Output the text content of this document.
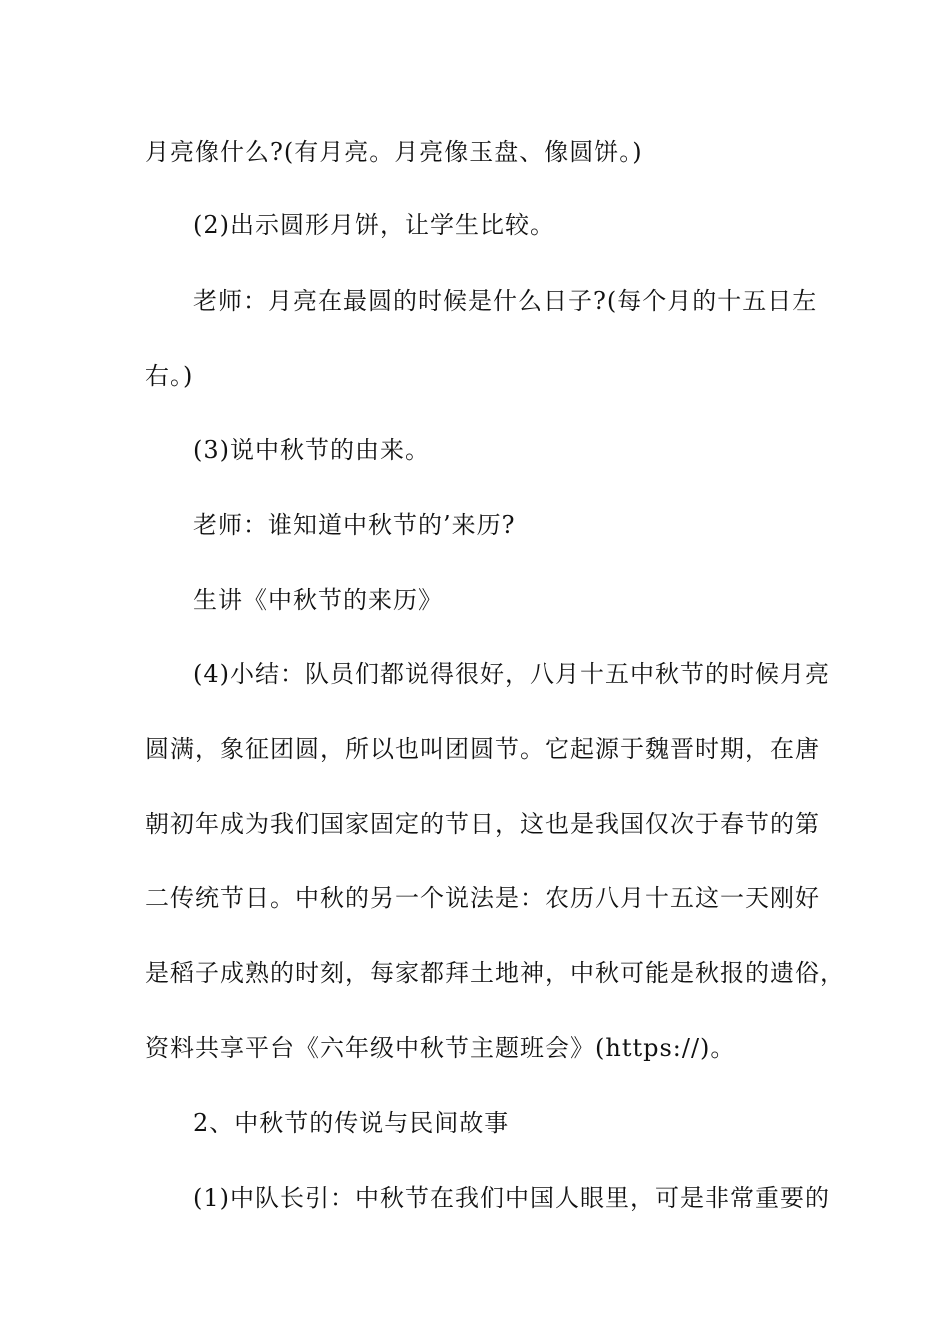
月亮像什么?(有月亮。月亮像玉盘、像圆饼。)
(2)出示圆形月饼，让学生比较。
老师：月亮在最圆的时候是什么日子?(每个月的十五日左
右。)
(3)说中秋节的由来。
老师：谁知道中秋节的’来历?
生讲《中秋节的来历》
(4)小结：队员们都说得很好，八月十五中秋节的时候月亮
圆满，象征团圆，所以也叫团圆节。它起源于魏晋时期，在唐
朝初年成为我们国家固定的节日，这也是我国仅次于春节的第
二传统节日。中秋的另一个说法是：农历八月十五这一天刚好
是稻子成熟的时刻，每家都拜土地神，中秋可能是秋报的遗俗，
资料共享平台《六年级中秋节主题班会》(https://)。
2、中秋节的传说与民间故事
(1)中队长引：中秋节在我们中国人眼里，可是非常重要的
